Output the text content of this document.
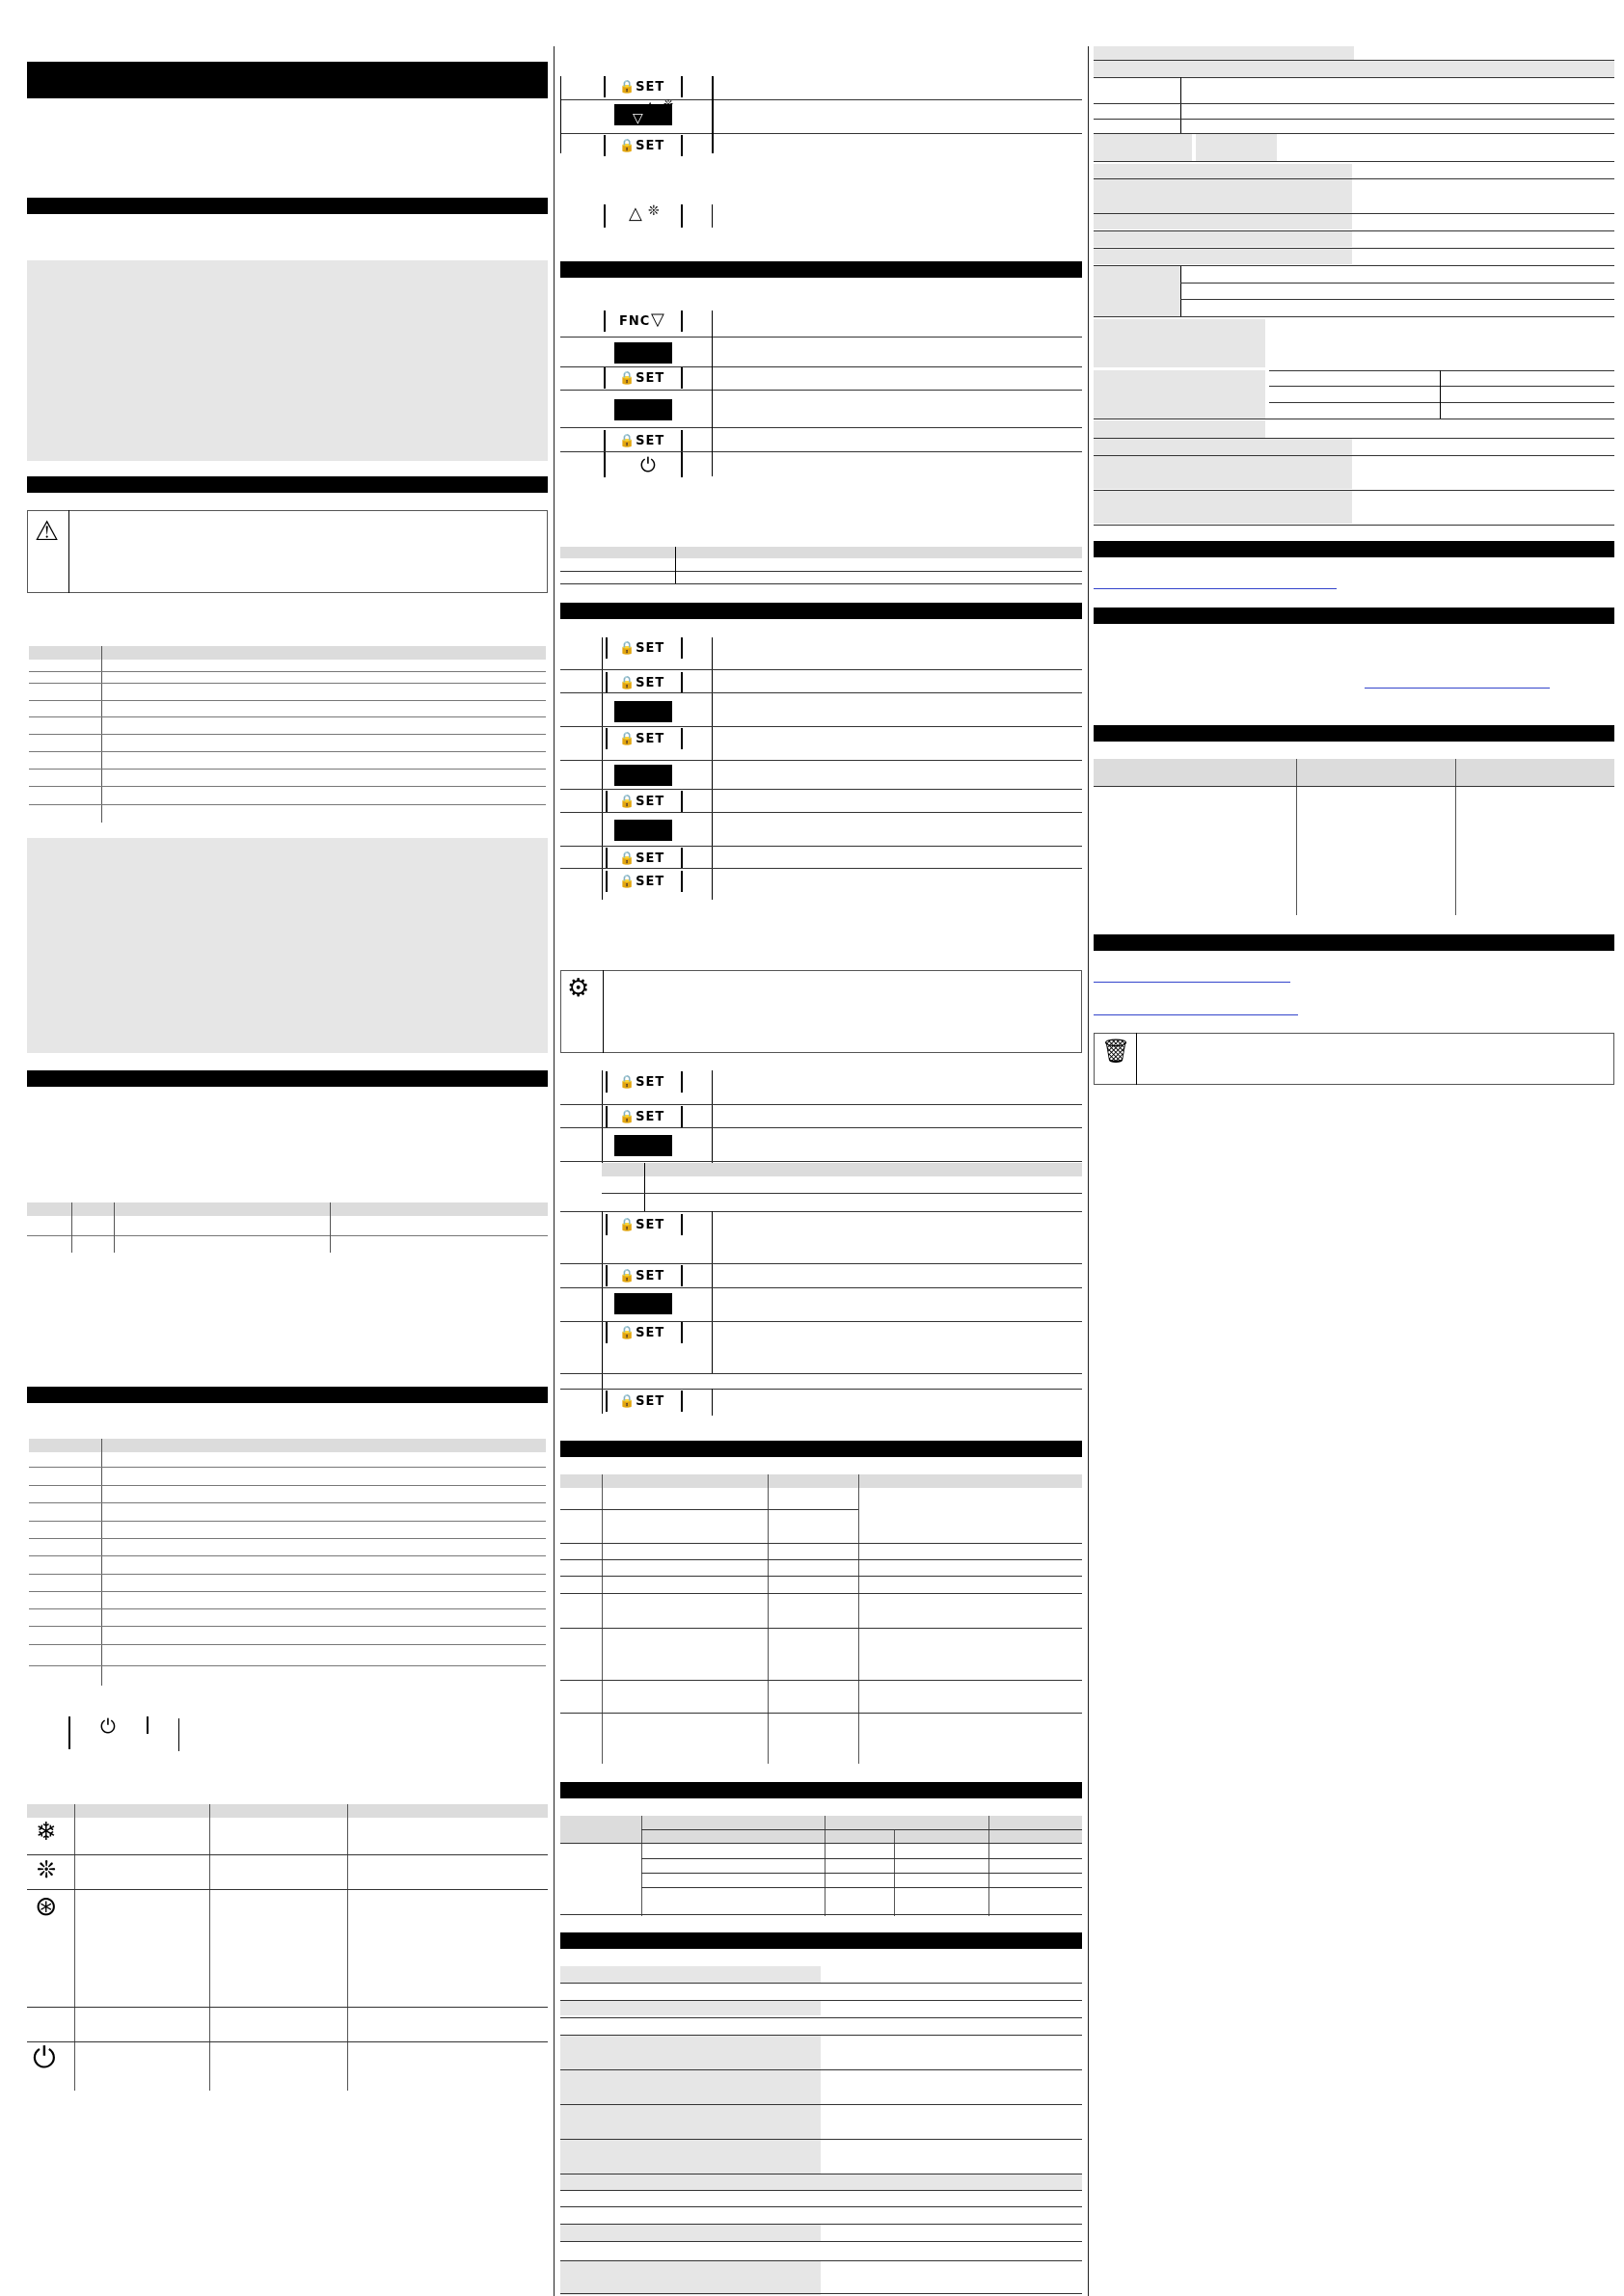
⚠
⏻
❄
❊
⊛
⏻
🔒SET
△ ❊
▽
🔒SET
△ ❊
FNC ▽
🔒SET
🔒SET
⏻
🔒SET
🔒SET
🔒SET
🔒SET
🔒SET
🔒SET
⚙
🔒SET
🔒SET
🔒SET
🔒SET
🔒SET
🔒SET
🗑
